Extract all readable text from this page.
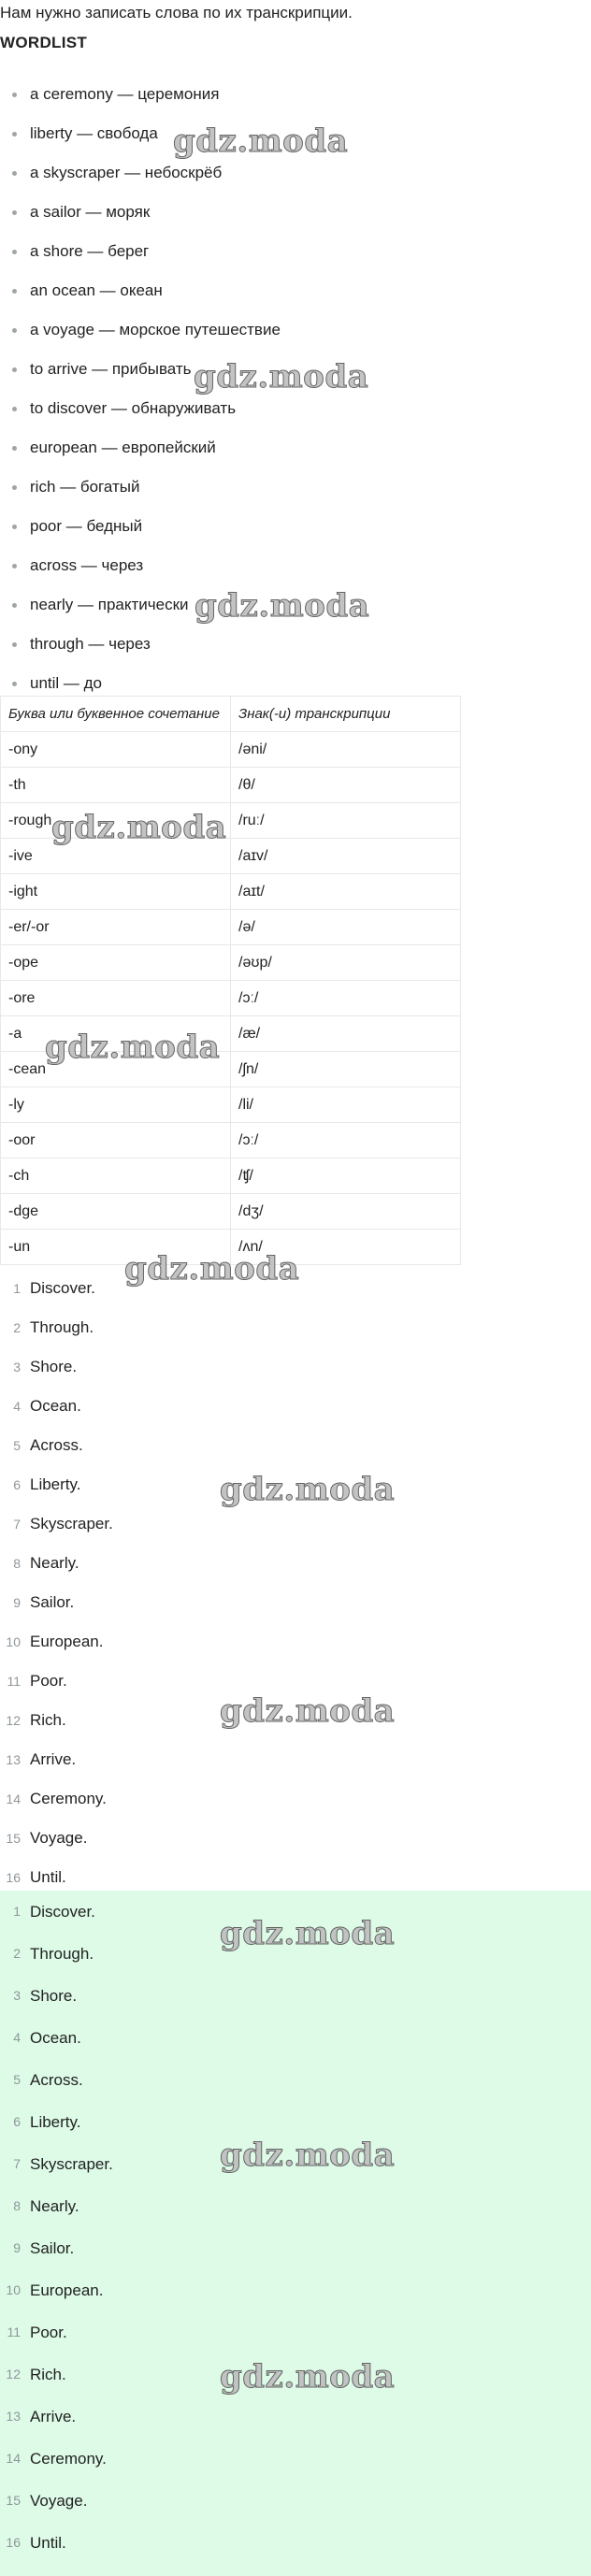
Нам нужно записать слова по их транскрипции.
WORDLIST
a ceremony — церемония
liberty — свобода
a skyscraper — небоскрёб
a sailor — моряк
a shore — берег
an ocean — океан
a voyage — морское путешествие
to arrive — прибывать
to discover — обнаруживать
european — европейский
rich — богатый
poor — бедный
across — через
nearly — практически
through — через
until — до
Буква или буквенное сочетание	Знак(-и) транскрипции
-ony	/əni/
-th	/θ/
-rough	/ruː/
-ive	/aɪv/
-ight	/aɪt/
-er/-or	/ə/
-ope	/əʊp/
-ore	/ɔː/
-a	/æ/
-cean	/ʃn/
-ly	/li/
-oor	/ɔː/
-ch	/ʧ/
-dge	/dʒ/
-un	/ʌn/
1 Discover.
2 Through.
3 Shore.
4 Ocean.
5 Across.
6 Liberty.
7 Skyscraper.
8 Nearly.
9 Sailor.
10 European.
11 Poor.
12 Rich.
13 Arrive.
14 Ceremony.
15 Voyage.
16 Until.
1 Discover.
2 Through.
3 Shore.
4 Ocean.
5 Across.
6 Liberty.
7 Skyscraper.
8 Nearly.
9 Sailor.
10 European.
11 Poor.
12 Rich.
13 Arrive.
14 Ceremony.
15 Voyage.
16 Until.
gdz.moda
gdz.moda
gdz.moda
gdz.moda
gdz.moda
gdz.moda
gdz.moda
gdz.moda
gdz.moda
gdz.moda
gdz.moda
